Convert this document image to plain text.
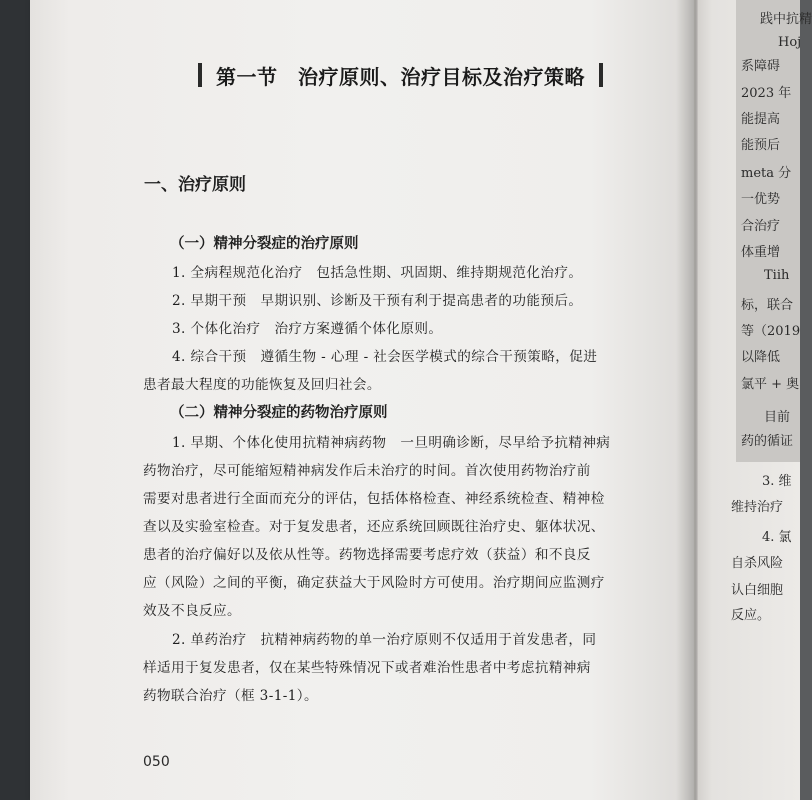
第一节　治疗原则、治疗目标及治疗策略
一、治疗原则
（一）精神分裂症的治疗原则
1. 全病程规范化治疗　包括急性期、巩固期、维持期规范化治疗。
2. 早期干预　早期识别、诊断及干预有利于提高患者的功能预后。
3. 个体化治疗　治疗方案遵循个体化原则。
4. 综合干预　遵循生物 - 心理 - 社会医学模式的综合干预策略，促进
患者最大程度的功能恢复及回归社会。
（二）精神分裂症的药物治疗原则
1. 早期、个体化使用抗精神病药物　一旦明确诊断，尽早给予抗精神病
药物治疗，尽可能缩短精神病发作后未治疗的时间。首次使用药物治疗前
需要对患者进行全面而充分的评估，包括体格检查、神经系统检查、精神检
查以及实验室检查。对于复发患者，还应系统回顾既往治疗史、躯体状况、
患者的治疗偏好以及依从性等。药物选择需要考虑疗效（获益）和不良反
应（风险）之间的平衡，确定获益大于风险时方可使用。治疗期间应监测疗
效及不良反应。
2. 单药治疗　抗精神病药物的单一治疗原则不仅适用于首发患者，同
样适用于复发患者，仅在某些特殊情况下或者难治性患者中考虑抗精神病
药物联合治疗（框 3-1-1）。
050
践中抗精
Hoj
系障碍
2023 年
能提高
能预后
meta 分
一优势
合治疗
体重增
Tiih
标，联合
等（2019
以降低
氯平 + 奥
目前
药的循证
3. 维
维持治疗
4. 氯
自杀风险
认白细胞
反应。
